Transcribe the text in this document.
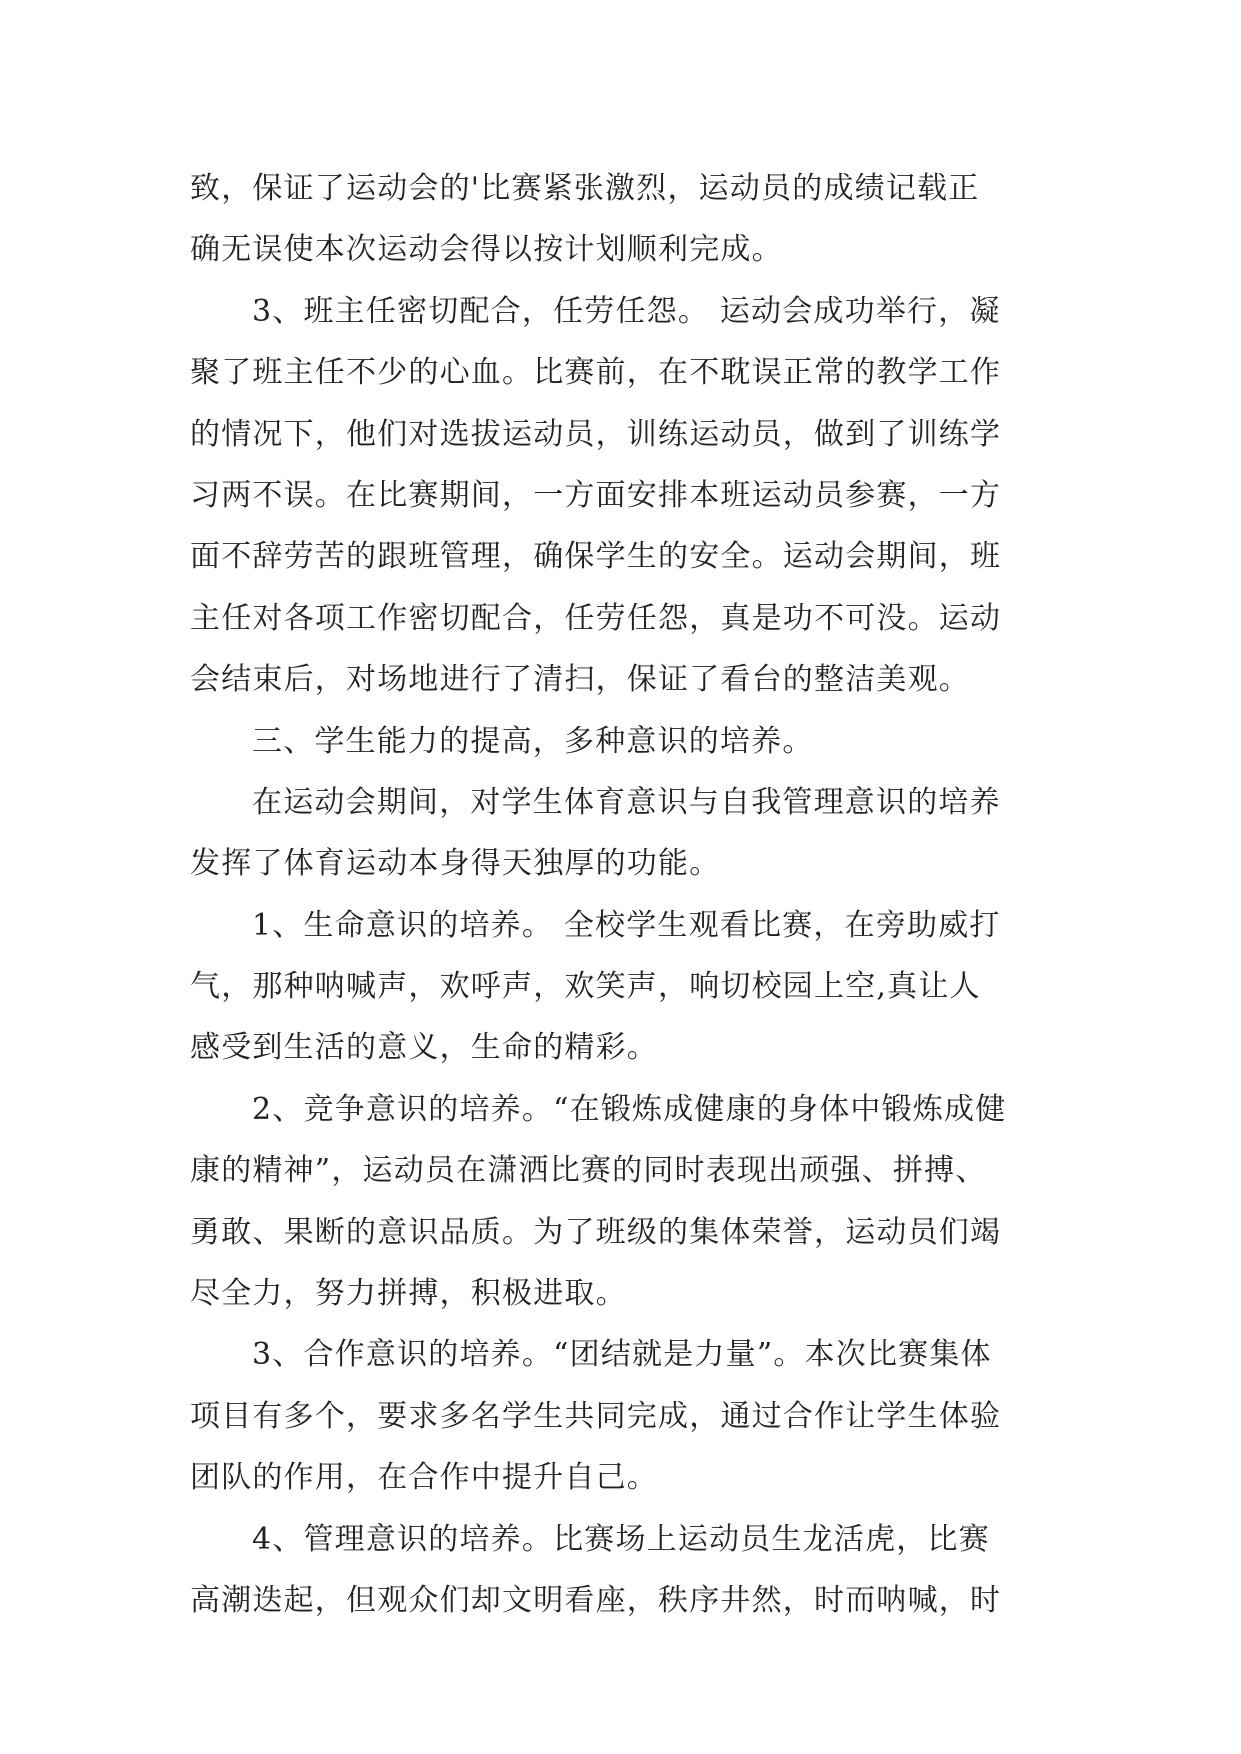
致，保证了运动会的'比赛紧张激烈，运动员的成绩记载正
确无误使本次运动会得以按计划顺利完成。
3、班主任密切配合，任劳任怨。 运动会成功举行，凝
聚了班主任不少的心血。比赛前，在不耽误正常的教学工作
的情况下，他们对选拔运动员，训练运动员，做到了训练学
习两不误。在比赛期间，一方面安排本班运动员参赛，一方
面不辞劳苦的跟班管理，确保学生的安全。运动会期间，班
主任对各项工作密切配合，任劳任怨，真是功不可没。运动
会结束后，对场地进行了清扫，保证了看台的整洁美观。
三、学生能力的提高，多种意识的培养。
在运动会期间，对学生体育意识与自我管理意识的培养
发挥了体育运动本身得天独厚的功能。
1、生命意识的培养。 全校学生观看比赛，在旁助威打
气，那种呐喊声，欢呼声，欢笑声，响切校园上空,真让人
感受到生活的意义，生命的精彩。
2、竞争意识的培养。“在锻炼成健康的身体中锻炼成健
康的精神”，运动员在潇洒比赛的同时表现出顽强、拼搏、
勇敢、果断的意识品质。为了班级的集体荣誉，运动员们竭
尽全力，努力拼搏，积极进取。
3、合作意识的培养。“团结就是力量”。本次比赛集体
项目有多个，要求多名学生共同完成，通过合作让学生体验
团队的作用，在合作中提升自己。
4、管理意识的培养。比赛场上运动员生龙活虎，比赛
高潮迭起，但观众们却文明看座，秩序井然，时而呐喊，时
